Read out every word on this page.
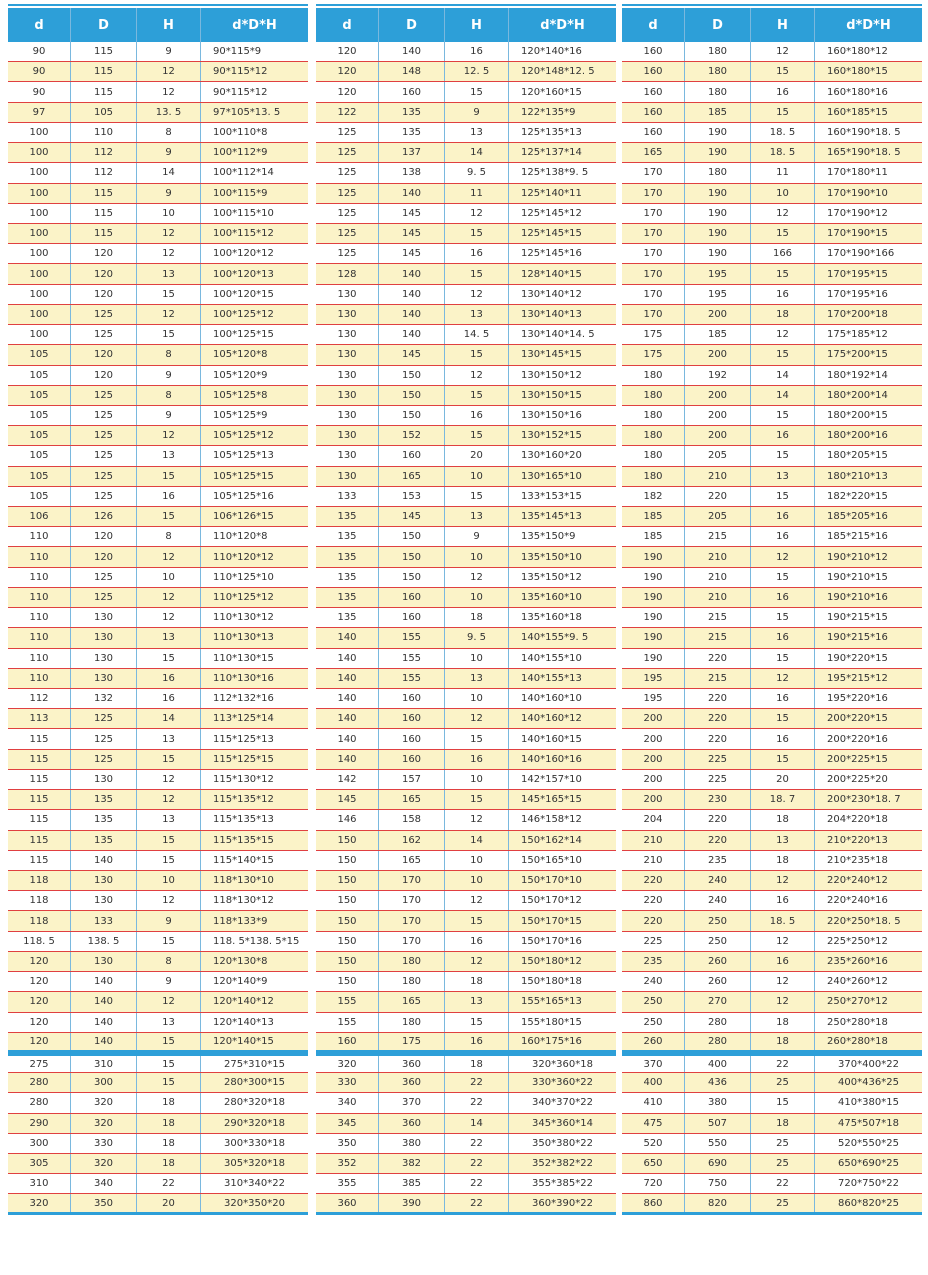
d	D	H	d*D*H
90	115	9	90*115*9
90	115	12	90*115*12
90	115	12	90*115*12
97	105	13. 5	97*105*13. 5
100	110	8	100*110*8
100	112	9	100*112*9
100	112	14	100*112*14
100	115	9	100*115*9
100	115	10	100*115*10
100	115	12	100*115*12
100	120	12	100*120*12
100	120	13	100*120*13
100	120	15	100*120*15
100	125	12	100*125*12
100	125	15	100*125*15
105	120	8	105*120*8
105	120	9	105*120*9
105	125	8	105*125*8
105	125	9	105*125*9
105	125	12	105*125*12
105	125	13	105*125*13
105	125	15	105*125*15
105	125	16	105*125*16
106	126	15	106*126*15
110	120	8	110*120*8
110	120	12	110*120*12
110	125	10	110*125*10
110	125	12	110*125*12
110	130	12	110*130*12
110	130	13	110*130*13
110	130	15	110*130*15
110	130	16	110*130*16
112	132	16	112*132*16
113	125	14	113*125*14
115	125	13	115*125*13
115	125	15	115*125*15
115	130	12	115*130*12
115	135	12	115*135*12
115	135	13	115*135*13
115	135	15	115*135*15
115	140	15	115*140*15
118	130	10	118*130*10
118	130	12	118*130*12
118	133	9	118*133*9
118. 5	138. 5	15	118. 5*138. 5*15
120	130	8	120*130*8
120	140	9	120*140*9
120	140	12	120*140*12
120	140	13	120*140*13
120	140	15	120*140*15
275	310	15	275*310*15
280	300	15	280*300*15
280	320	18	280*320*18
290	320	18	290*320*18
300	330	18	300*330*18
305	320	18	305*320*18
310	340	22	310*340*22
320	350	20	320*350*20
d	D	H	d*D*H
120	140	16	120*140*16
120	148	12. 5	120*148*12. 5
120	160	15	120*160*15
122	135	9	122*135*9
125	135	13	125*135*13
125	137	14	125*137*14
125	138	9. 5	125*138*9. 5
125	140	11	125*140*11
125	145	12	125*145*12
125	145	15	125*145*15
125	145	16	125*145*16
128	140	15	128*140*15
130	140	12	130*140*12
130	140	13	130*140*13
130	140	14. 5	130*140*14. 5
130	145	15	130*145*15
130	150	12	130*150*12
130	150	15	130*150*15
130	150	16	130*150*16
130	152	15	130*152*15
130	160	20	130*160*20
130	165	10	130*165*10
133	153	15	133*153*15
135	145	13	135*145*13
135	150	9	135*150*9
135	150	10	135*150*10
135	150	12	135*150*12
135	160	10	135*160*10
135	160	18	135*160*18
140	155	9. 5	140*155*9. 5
140	155	10	140*155*10
140	155	13	140*155*13
140	160	10	140*160*10
140	160	12	140*160*12
140	160	15	140*160*15
140	160	16	140*160*16
142	157	10	142*157*10
145	165	15	145*165*15
146	158	12	146*158*12
150	162	14	150*162*14
150	165	10	150*165*10
150	170	10	150*170*10
150	170	12	150*170*12
150	170	15	150*170*15
150	170	16	150*170*16
150	180	12	150*180*12
150	180	18	150*180*18
155	165	13	155*165*13
155	180	15	155*180*15
160	175	16	160*175*16
320	360	18	320*360*18
330	360	22	330*360*22
340	370	22	340*370*22
345	360	14	345*360*14
350	380	22	350*380*22
352	382	22	352*382*22
355	385	22	355*385*22
360	390	22	360*390*22
d	D	H	d*D*H
160	180	12	160*180*12
160	180	15	160*180*15
160	180	16	160*180*16
160	185	15	160*185*15
160	190	18. 5	160*190*18. 5
165	190	18. 5	165*190*18. 5
170	180	11	170*180*11
170	190	10	170*190*10
170	190	12	170*190*12
170	190	15	170*190*15
170	190	166	170*190*166
170	195	15	170*195*15
170	195	16	170*195*16
170	200	18	170*200*18
175	185	12	175*185*12
175	200	15	175*200*15
180	192	14	180*192*14
180	200	14	180*200*14
180	200	15	180*200*15
180	200	16	180*200*16
180	205	15	180*205*15
180	210	13	180*210*13
182	220	15	182*220*15
185	205	16	185*205*16
185	215	16	185*215*16
190	210	12	190*210*12
190	210	15	190*210*15
190	210	16	190*210*16
190	215	15	190*215*15
190	215	16	190*215*16
190	220	15	190*220*15
195	215	12	195*215*12
195	220	16	195*220*16
200	220	15	200*220*15
200	220	16	200*220*16
200	225	15	200*225*15
200	225	20	200*225*20
200	230	18. 7	200*230*18. 7
204	220	18	204*220*18
210	220	13	210*220*13
210	235	18	210*235*18
220	240	12	220*240*12
220	240	16	220*240*16
220	250	18. 5	220*250*18. 5
225	250	12	225*250*12
235	260	16	235*260*16
240	260	12	240*260*12
250	270	12	250*270*12
250	280	18	250*280*18
260	280	18	260*280*18
370	400	22	370*400*22
400	436	25	400*436*25
410	380	15	410*380*15
475	507	18	475*507*18
520	550	25	520*550*25
650	690	25	650*690*25
720	750	22	720*750*22
860	820	25	860*820*25
